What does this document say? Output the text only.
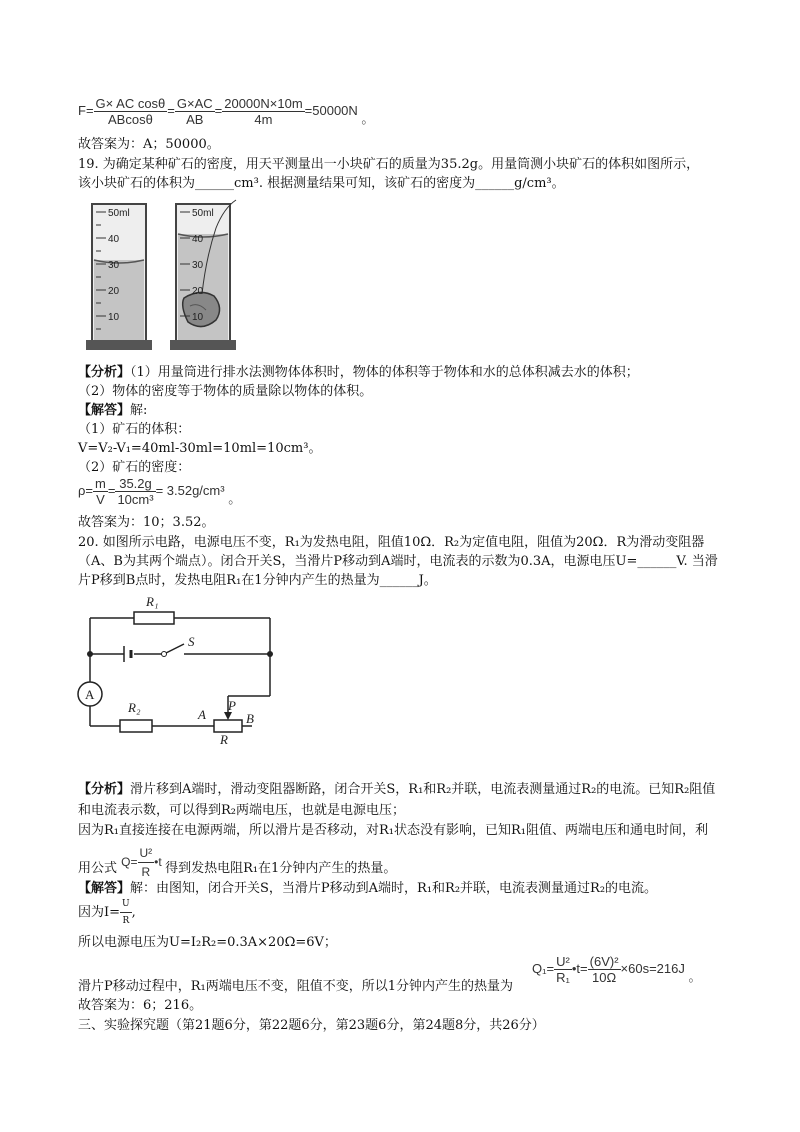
$F= \frac{\text{G× AC cosθ}}{ABcos\theta} = \frac{G\times AC}{AB} = \frac{20000N\times 10m}{4m} =50000N$ 。
故答案为：A；50000。
19. 为确定某种矿石的密度，用天平测量出一小块矿石的质量为35.2g。用量筒测小块矿石的体积如图所示，
该小块矿石的体积为______cm³. 根据测量结果可知，该矿石的密度为______g/cm³。
50ml
40
30
20
10
50ml
40
30
20
10
【分析】（1）用量筒进行排水法测物体体积时，物体的体积等于物体和水的总体积减去水的体积；
（2）物体的密度等于物体的质量除以物体的体积。
【解答】解:
（1）矿石的体积：
V=V₂-V₁=40ml-30ml=10ml=10cm³。
（2）矿石的密度：
$\rho= \frac{m}{V} = \frac{35.2g}{\text{10cm³}} = 3.52g/cm^3$ 。
故答案为：10；3.52。
20. 如图所示电路，电源电压不变，R₁为发热电阻，阻值10Ω．R₂为定值电阻，阻值为20Ω．R为滑动变阻器
（A、B为其两个端点）。闭合开关S，当滑片P移动到A端时，电流表的示数为0.3A，电源电压U=______V. 当滑
片P移到B点时，发热电阻R₁在1分钟内产生的热量为______J。
R₁
S
A
R₂	A
P
B
R
【分析】滑片移到A端时，滑动变阻器断路，闭合开关S，R₁和R₂并联，电流表测量通过R₂的电流。已知R₂阻值
和电流表示数，可以得到R₂两端电压，也就是电源电压；
因为R₁直接连接在电源两端，所以滑片是否移动，对R₁状态没有影响，已知R₁阻值、两端电压和通电时间，利
用公式 $Q= \frac{\text{U²}}{R}$ •t 得到发热电阻R₁在1分钟内产生的热量。
【解答】解：由图知，闭合开关S，当滑片P移动到A端时，R₁和R₂并联，电流表测量通过R₂的电流。
因为$I= \frac{U}{R}$ ,
所以电源电压为U=I₂R₂=0.3A×20Ω=6V；
滑片P移动过程中，R₁两端电压不变，阻值不变，所以1分钟内产生的热量为
$Q_1= \frac{\text{U²}}{\text{R₁}}$ •t= $\frac{\text{(6V)²}}{10\Omega} \times 60s=216J$ 。
故答案为：6；216。
三、实验探究题（第21题6分，第22题6分，第23题6分，第24题8分，共26分）
